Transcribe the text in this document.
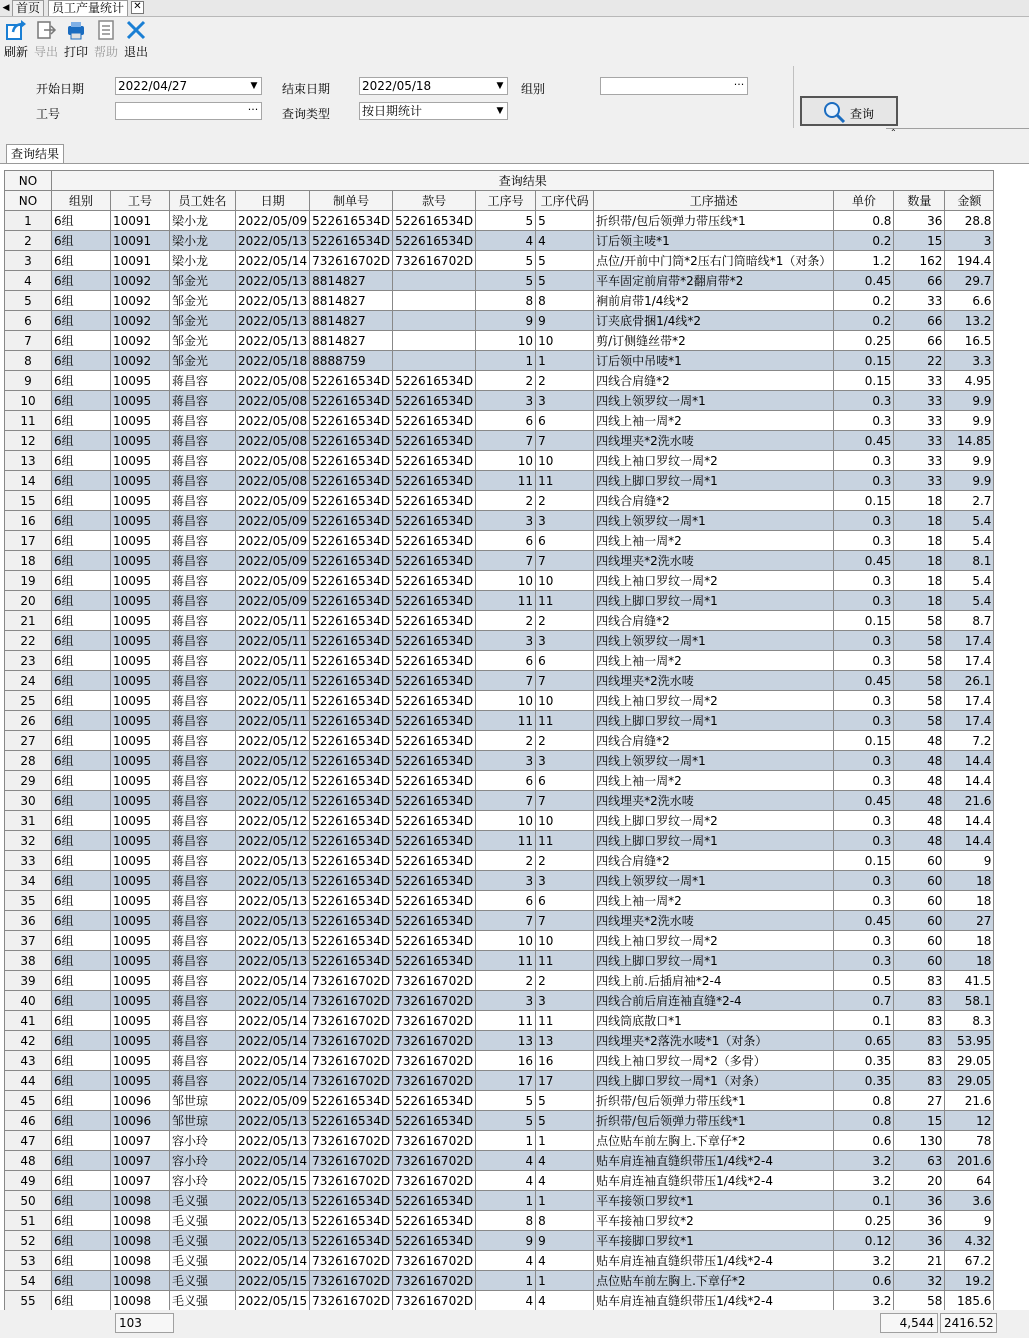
◀ 首页 员工产量统计 ✕
刷新 导出 打印 帮助 退出
开始日期	2022/04/27	▼ 结束日期	2022/05/18	▼ 组别	···
工号	··· 查询类型	按日期统计	▼	查询
⌃
查询结果
NO	查询结果											
NO	组别	工号	员工姓名	日期	制单号	款号	工序号	工序代码	工序描述	单价	数量	金额
1	6组	10091	梁小龙	2022/05/09	522616534D	522616534D	5	5	折织带/包后领弹力带压线*1	0.8	36	28.8
2	6组	10091	梁小龙	2022/05/13	522616534D	522616534D	4	4	订后领主唛*1	0.2	15	3
3	6组	10091	梁小龙	2022/05/14	732616702D	732616702D	5	5	点位/开前中门筒*2压右门筒暗线*1（对条）	1.2	162	194.4
4	6组	10092	邹金光	2022/05/13	8814827		5	5	平车固定前肩带*2翻肩带*2	0.45	66	29.7
5	6组	10092	邹金光	2022/05/13	8814827		8	8	裥前肩带1/4线*2	0.2	33	6.6
6	6组	10092	邹金光	2022/05/13	8814827		9	9	订夹底骨捆1/4线*2	0.2	66	13.2
7	6组	10092	邹金光	2022/05/13	8814827		10	10	剪/订侧缝丝带*2	0.25	66	16.5
8	6组	10092	邹金光	2022/05/18	8888759		1	1	订后领中吊唛*1	0.15	22	3.3
9	6组	10095	蒋昌容	2022/05/08	522616534D	522616534D	2	2	四线合肩缝*2	0.15	33	4.95
10	6组	10095	蒋昌容	2022/05/08	522616534D	522616534D	3	3	四线上领罗纹一周*1	0.3	33	9.9
11	6组	10095	蒋昌容	2022/05/08	522616534D	522616534D	6	6	四线上袖一周*2	0.3	33	9.9
12	6组	10095	蒋昌容	2022/05/08	522616534D	522616534D	7	7	四线埋夹*2洗水唛	0.45	33	14.85
13	6组	10095	蒋昌容	2022/05/08	522616534D	522616534D	10	10	四线上袖口罗纹一周*2	0.3	33	9.9
14	6组	10095	蒋昌容	2022/05/08	522616534D	522616534D	11	11	四线上脚口罗纹一周*1	0.3	33	9.9
15	6组	10095	蒋昌容	2022/05/09	522616534D	522616534D	2	2	四线合肩缝*2	0.15	18	2.7
16	6组	10095	蒋昌容	2022/05/09	522616534D	522616534D	3	3	四线上领罗纹一周*1	0.3	18	5.4
17	6组	10095	蒋昌容	2022/05/09	522616534D	522616534D	6	6	四线上袖一周*2	0.3	18	5.4
18	6组	10095	蒋昌容	2022/05/09	522616534D	522616534D	7	7	四线埋夹*2洗水唛	0.45	18	8.1
19	6组	10095	蒋昌容	2022/05/09	522616534D	522616534D	10	10	四线上袖口罗纹一周*2	0.3	18	5.4
20	6组	10095	蒋昌容	2022/05/09	522616534D	522616534D	11	11	四线上脚口罗纹一周*1	0.3	18	5.4
21	6组	10095	蒋昌容	2022/05/11	522616534D	522616534D	2	2	四线合肩缝*2	0.15	58	8.7
22	6组	10095	蒋昌容	2022/05/11	522616534D	522616534D	3	3	四线上领罗纹一周*1	0.3	58	17.4
23	6组	10095	蒋昌容	2022/05/11	522616534D	522616534D	6	6	四线上袖一周*2	0.3	58	17.4
24	6组	10095	蒋昌容	2022/05/11	522616534D	522616534D	7	7	四线埋夹*2洗水唛	0.45	58	26.1
25	6组	10095	蒋昌容	2022/05/11	522616534D	522616534D	10	10	四线上袖口罗纹一周*2	0.3	58	17.4
26	6组	10095	蒋昌容	2022/05/11	522616534D	522616534D	11	11	四线上脚口罗纹一周*1	0.3	58	17.4
27	6组	10095	蒋昌容	2022/05/12	522616534D	522616534D	2	2	四线合肩缝*2	0.15	48	7.2
28	6组	10095	蒋昌容	2022/05/12	522616534D	522616534D	3	3	四线上领罗纹一周*1	0.3	48	14.4
29	6组	10095	蒋昌容	2022/05/12	522616534D	522616534D	6	6	四线上袖一周*2	0.3	48	14.4
30	6组	10095	蒋昌容	2022/05/12	522616534D	522616534D	7	7	四线埋夹*2洗水唛	0.45	48	21.6
31	6组	10095	蒋昌容	2022/05/12	522616534D	522616534D	10	10	四线上脚口罗纹一周*2	0.3	48	14.4
32	6组	10095	蒋昌容	2022/05/12	522616534D	522616534D	11	11	四线上脚口罗纹一周*1	0.3	48	14.4
33	6组	10095	蒋昌容	2022/05/13	522616534D	522616534D	2	2	四线合肩缝*2	0.15	60	9
34	6组	10095	蒋昌容	2022/05/13	522616534D	522616534D	3	3	四线上领罗纹一周*1	0.3	60	18
35	6组	10095	蒋昌容	2022/05/13	522616534D	522616534D	6	6	四线上袖一周*2	0.3	60	18
36	6组	10095	蒋昌容	2022/05/13	522616534D	522616534D	7	7	四线埋夹*2洗水唛	0.45	60	27
37	6组	10095	蒋昌容	2022/05/13	522616534D	522616534D	10	10	四线上袖口罗纹一周*2	0.3	60	18
38	6组	10095	蒋昌容	2022/05/13	522616534D	522616534D	11	11	四线上脚口罗纹一周*1	0.3	60	18
39	6组	10095	蒋昌容	2022/05/14	732616702D	732616702D	2	2	四线上前.后插肩袖*2-4	0.5	83	41.5
40	6组	10095	蒋昌容	2022/05/14	732616702D	732616702D	3	3	四线合前后肩连袖直缝*2-4	0.7	83	58.1
41	6组	10095	蒋昌容	2022/05/14	732616702D	732616702D	11	11	四线筒底散口*1	0.1	83	8.3
42	6组	10095	蒋昌容	2022/05/14	732616702D	732616702D	13	13	四线埋夹*2落洗水唛*1（对条）	0.65	83	53.95
43	6组	10095	蒋昌容	2022/05/14	732616702D	732616702D	16	16	四线上袖口罗纹一周*2（多骨）	0.35	83	29.05
44	6组	10095	蒋昌容	2022/05/14	732616702D	732616702D	17	17	四线上脚口罗纹一周*1（对条）	0.35	83	29.05
45	6组	10096	邹世琼	2022/05/09	522616534D	522616534D	5	5	折织带/包后领弹力带压线*1	0.8	27	21.6
46	6组	10096	邹世琼	2022/05/13	522616534D	522616534D	5	5	折织带/包后领弹力带压线*1	0.8	15	12
47	6组	10097	容小玲	2022/05/13	732616702D	732616702D	1	1	点位贴车前左胸上.下章仔*2	0.6	130	78
48	6组	10097	容小玲	2022/05/14	732616702D	732616702D	4	4	贴车肩连袖直缝织带压1/4线*2-4	3.2	63	201.6
49	6组	10097	容小玲	2022/05/15	732616702D	732616702D	4	4	贴车肩连袖直缝织带压1/4线*2-4	3.2	20	64
50	6组	10098	毛义强	2022/05/13	522616534D	522616534D	1	1	平车接领口罗纹*1	0.1	36	3.6
51	6组	10098	毛义强	2022/05/13	522616534D	522616534D	8	8	平车接袖口罗纹*2	0.25	36	9
52	6组	10098	毛义强	2022/05/13	522616534D	522616534D	9	9	平车接脚口罗纹*1	0.12	36	4.32
53	6组	10098	毛义强	2022/05/14	732616702D	732616702D	4	4	贴车肩连袖直缝织带压1/4线*2-4	3.2	21	67.2
54	6组	10098	毛义强	2022/05/15	732616702D	732616702D	1	1	点位贴车前左胸上.下章仔*2	0.6	32	19.2
55	6组	10098	毛义强	2022/05/15	732616702D	732616702D	4	4	贴车肩连袖直缝织带压1/4线*2-4	3.2	58	185.6
103	4,544 2416.52
